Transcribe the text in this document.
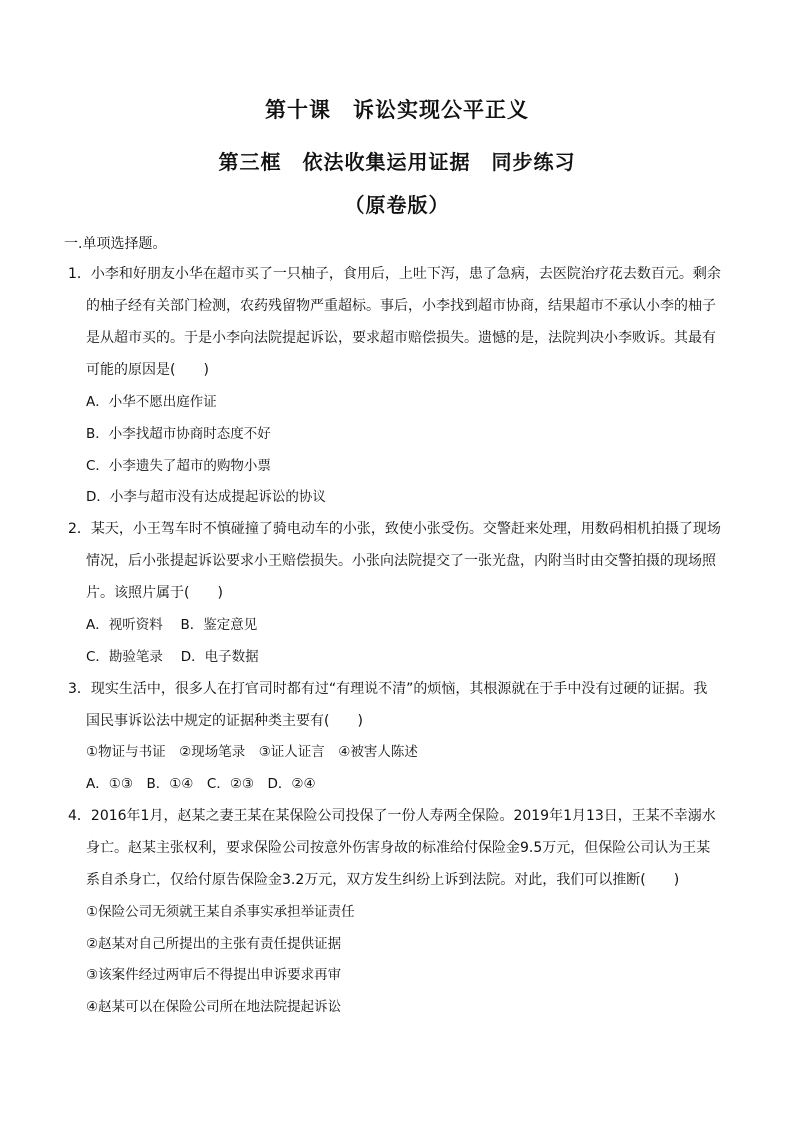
第十课　诉讼实现公平正义
第三框　依法收集运用证据　同步练习
（原卷版）
一.单项选择题。
1．小李和好朋友小华在超市买了一只柚子，食用后，上吐下泻，患了急病，去医院治疗花去数百元。剩余
的柚子经有关部门检测，农药残留物严重超标。事后，小李找到超市协商，结果超市不承认小李的柚子
是从超市买的。于是小李向法院提起诉讼，要求超市赔偿损失。遗憾的是，法院判决小李败诉。其最有
可能的原因是(　　)
A．小华不愿出庭作证
B．小李找超市协商时态度不好
C．小李遗失了超市的购物小票
D．小李与超市没有达成提起诉讼的协议
2．某天，小王驾车时不慎碰撞了骑电动车的小张，致使小张受伤。交警赶来处理，用数码相机拍摄了现场
情况，后小张提起诉讼要求小王赔偿损失。小张向法院提交了一张光盘，内附当时由交警拍摄的现场照
片。该照片属于(　　)
A．视听资料　 B．鉴定意见
C．勘验笔录　 D．电子数据
3．现实生活中，很多人在打官司时都有过“有理说不清”的烦恼，其根源就在于手中没有过硬的证据。我
国民事诉讼法中规定的证据种类主要有(　　)
①物证与书证　②现场笔录　③证人证言　④被害人陈述
A．①③　B．①④　C．②③　D．②④
4．2016年1月，赵某之妻王某在某保险公司投保了一份人寿两全保险。2019年1月13日，王某不幸溺水
身亡。赵某主张权利，要求保险公司按意外伤害身故的标准给付保险金9.5万元，但保险公司认为王某
系自杀身亡，仅给付原告保险金3.2万元，双方发生纠纷上诉到法院。对此，我们可以推断(　　)
①保险公司无须就王某自杀事实承担举证责任
②赵某对自己所提出的主张有责任提供证据
③该案件经过两审后不得提出申诉要求再审
④赵某可以在保险公司所在地法院提起诉讼
